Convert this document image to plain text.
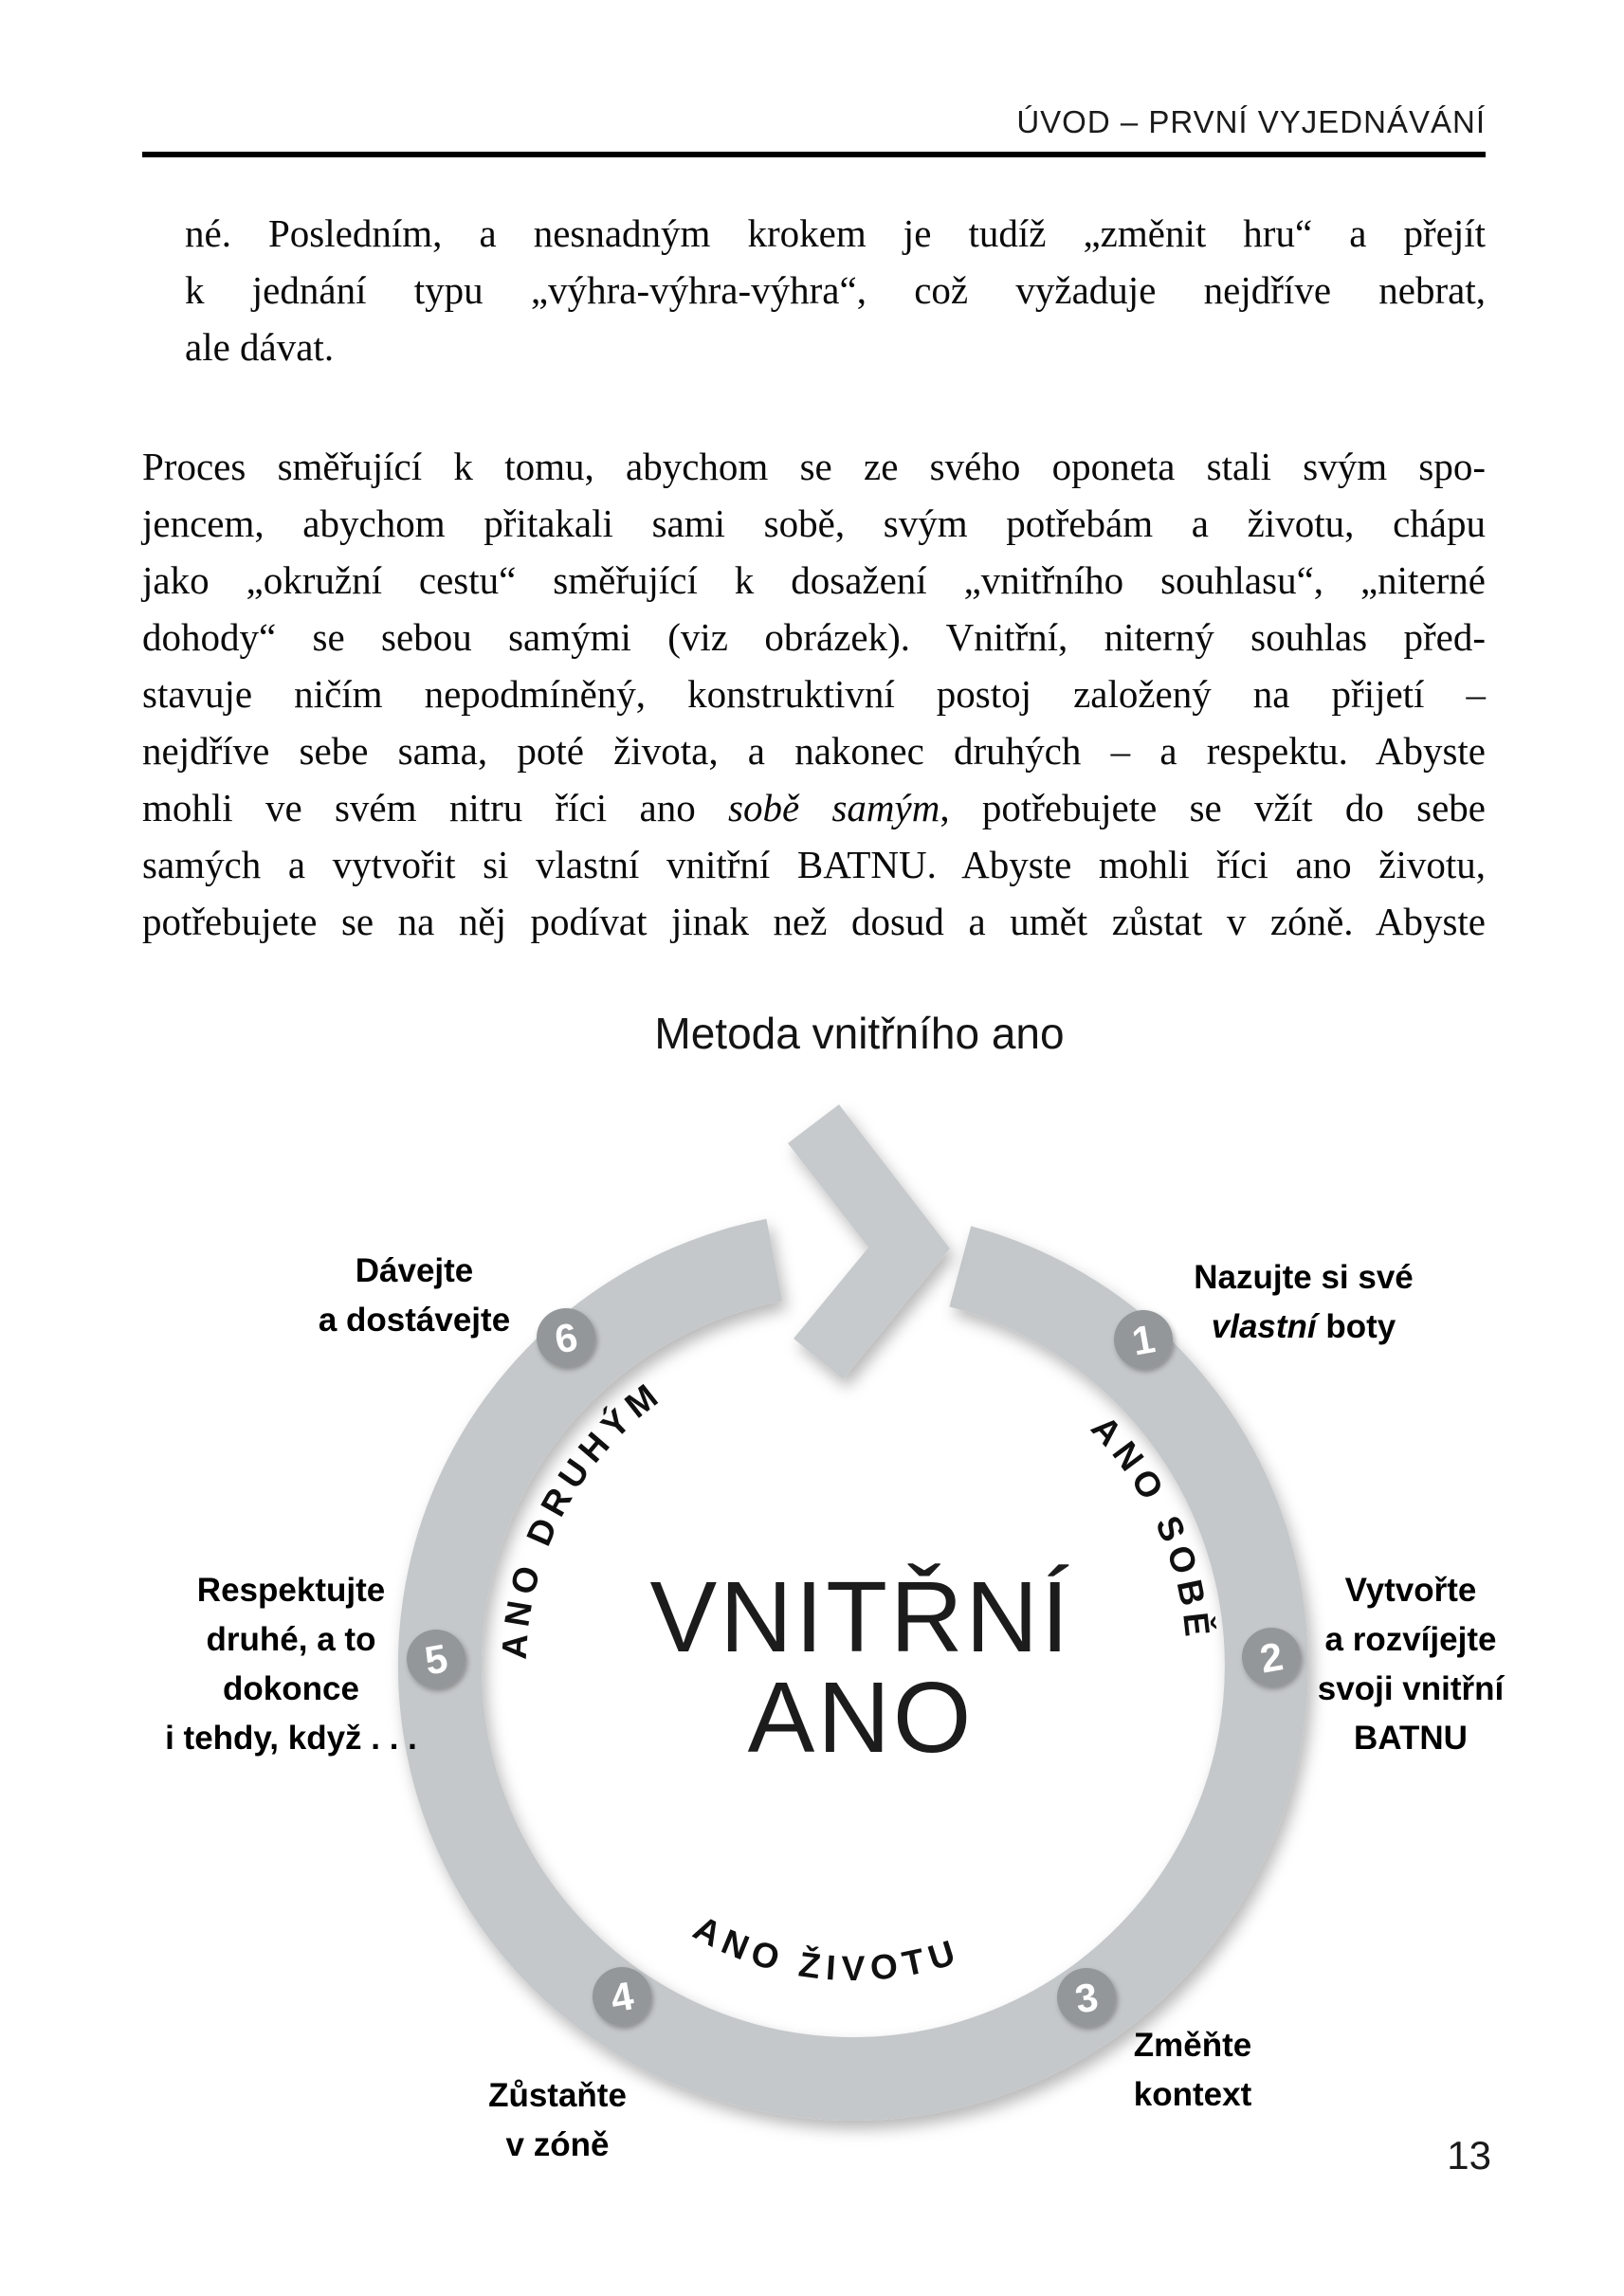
ÚVOD – PRVNÍ VYJEDNÁVÁNÍ
né. Posledním, a nesnadným krokem je tudíž „změnit hru“ a přejít
k jednání typu „výhra-výhra-výhra“, což vyžaduje nejdříve nebrat,
ale dávat.
Proces směřující k tomu, abychom se ze svého oponeta stali svým spo-
jencem, abychom přitakali sami sobě, svým potřebám a životu, chápu
jako „okružní cestu“ směřující k dosažení „vnitřního souhlasu“, „niterné
dohody“ se sebou samými (viz obrázek). Vnitřní, niterný souhlas před-
stavuje ničím nepodmíněný, konstruktivní postoj založený na přijetí –
nejdříve sebe sama, poté života, a nakonec druhých – a respektu. Abyste
mohli ve svém nitru říci ano sobě samým, potřebujete se vžít do sebe
samých a vytvořit si vlastní vnitřní BATNU. Abyste mohli říci ano životu,
potřebujete se na něj podívat jinak než dosud a umět zůstat v zóně. Abyste
Metoda vnitřního ano
ANO SOBĚ
ANO DRUHÝM
ANO ŽIVOTU
VNITŘNÍ
ANO
1
2
3
4
5
6
Nazujte si své
vlastní boty
Vytvořte
a rozvíjejte
svoji vnitřní
BATNU
Změňte
kontext
Zůstaňte
v zóně
Respektujte
druhé, a to
dokonce
i tehdy, když . . .
Dávejte
a dostávejte
13
